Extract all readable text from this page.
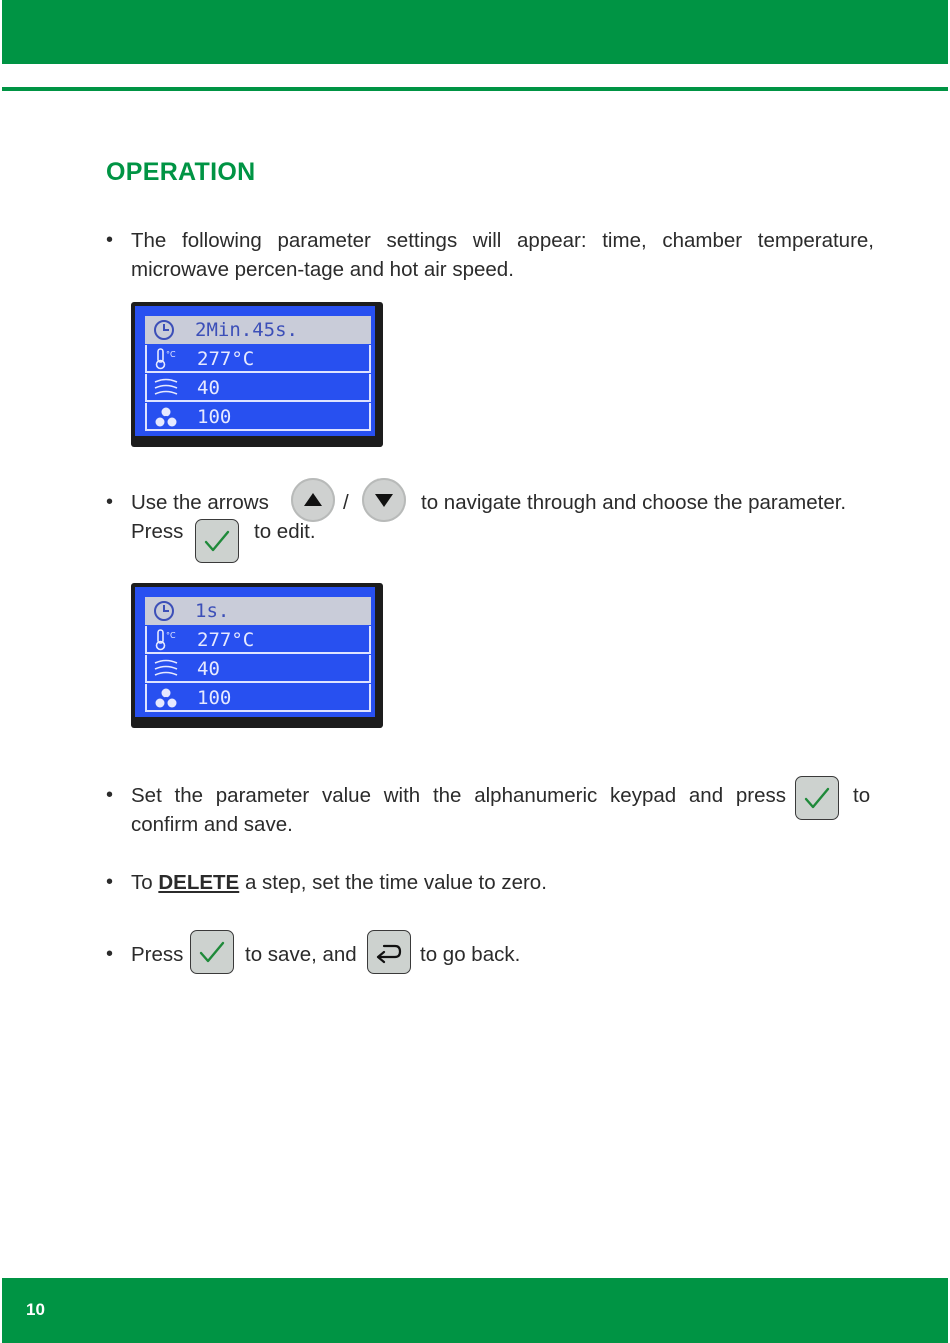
OPERATION
• The following parameter settings will appear: time, chamber temperature,
microwave percen-tage and hot air speed.
2Min.45s.
°C 277°C
40
100
• Use the arrows	/	to navigate through and choose the parameter.
Press	to edit.
1s.
°C 277°C
40
100
• Set the parameter value with the alphanumeric keypad and press	to
confirm and save.
• To DELETE a step, set the time value to zero.
• Press	to save, and	to go back.
10
